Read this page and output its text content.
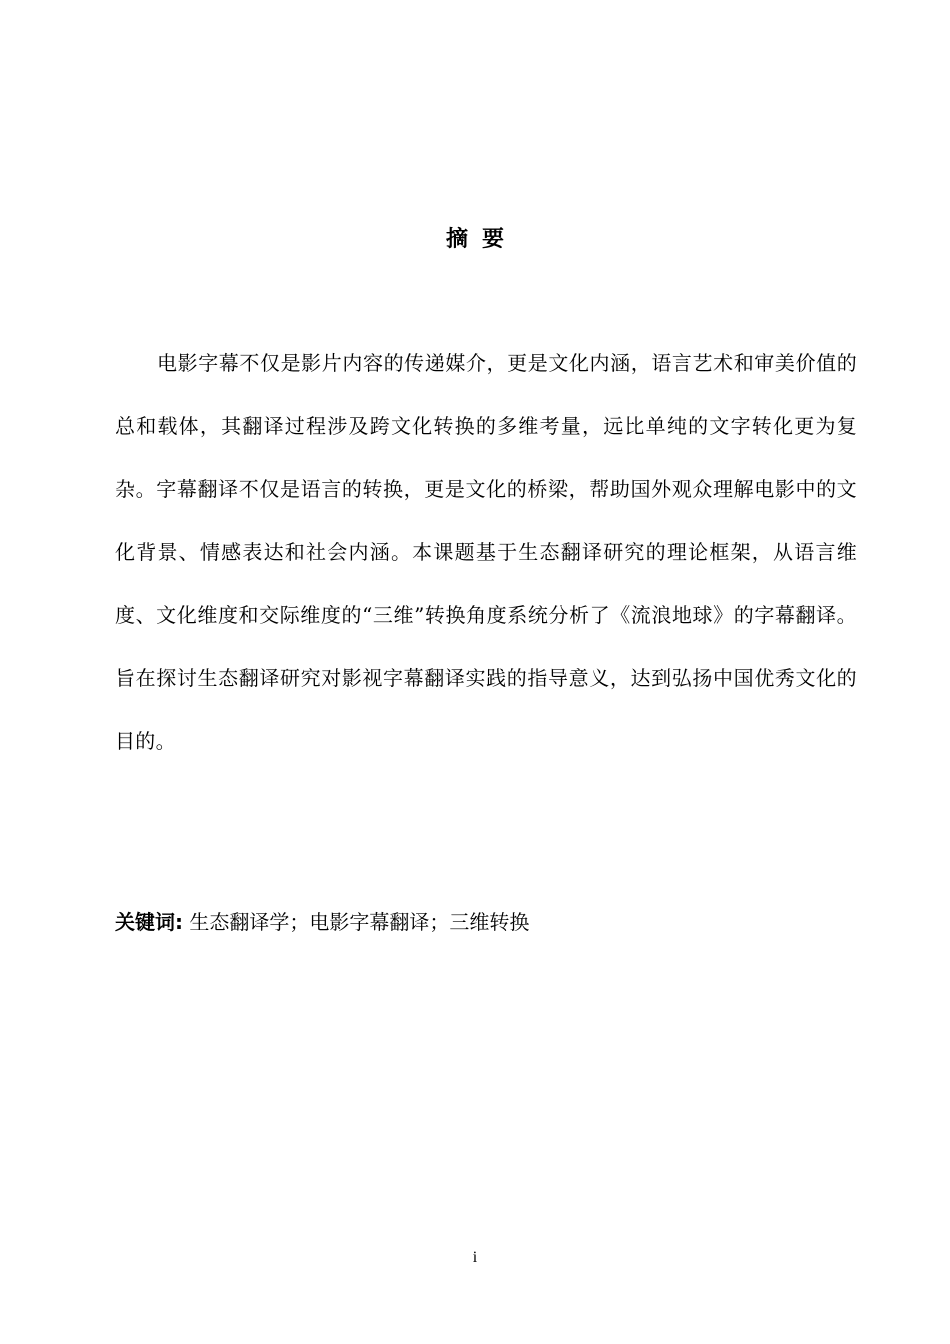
摘要

电影字幕不仅是影片内容的传递媒介，更是文化内涵，语言艺术和审美价值的总和载体，其翻译过程涉及跨文化转换的多维考量，远比单纯的文字转化更为复杂。字幕翻译不仅是语言的转换，更是文化的桥梁，帮助国外观众理解电影中的文化背景、情感表达和社会内涵。本课题基于生态翻译研究的理论框架，从语言维度、文化维度和交际维度的“三维”转换角度系统分析了《流浪地球》的字幕翻译。旨在探讨生态翻译研究对影视字幕翻译实践的指导意义，达到弘扬中国优秀文化的目的。

关键词: 生态翻译学；电影字幕翻译；三维转换
i
